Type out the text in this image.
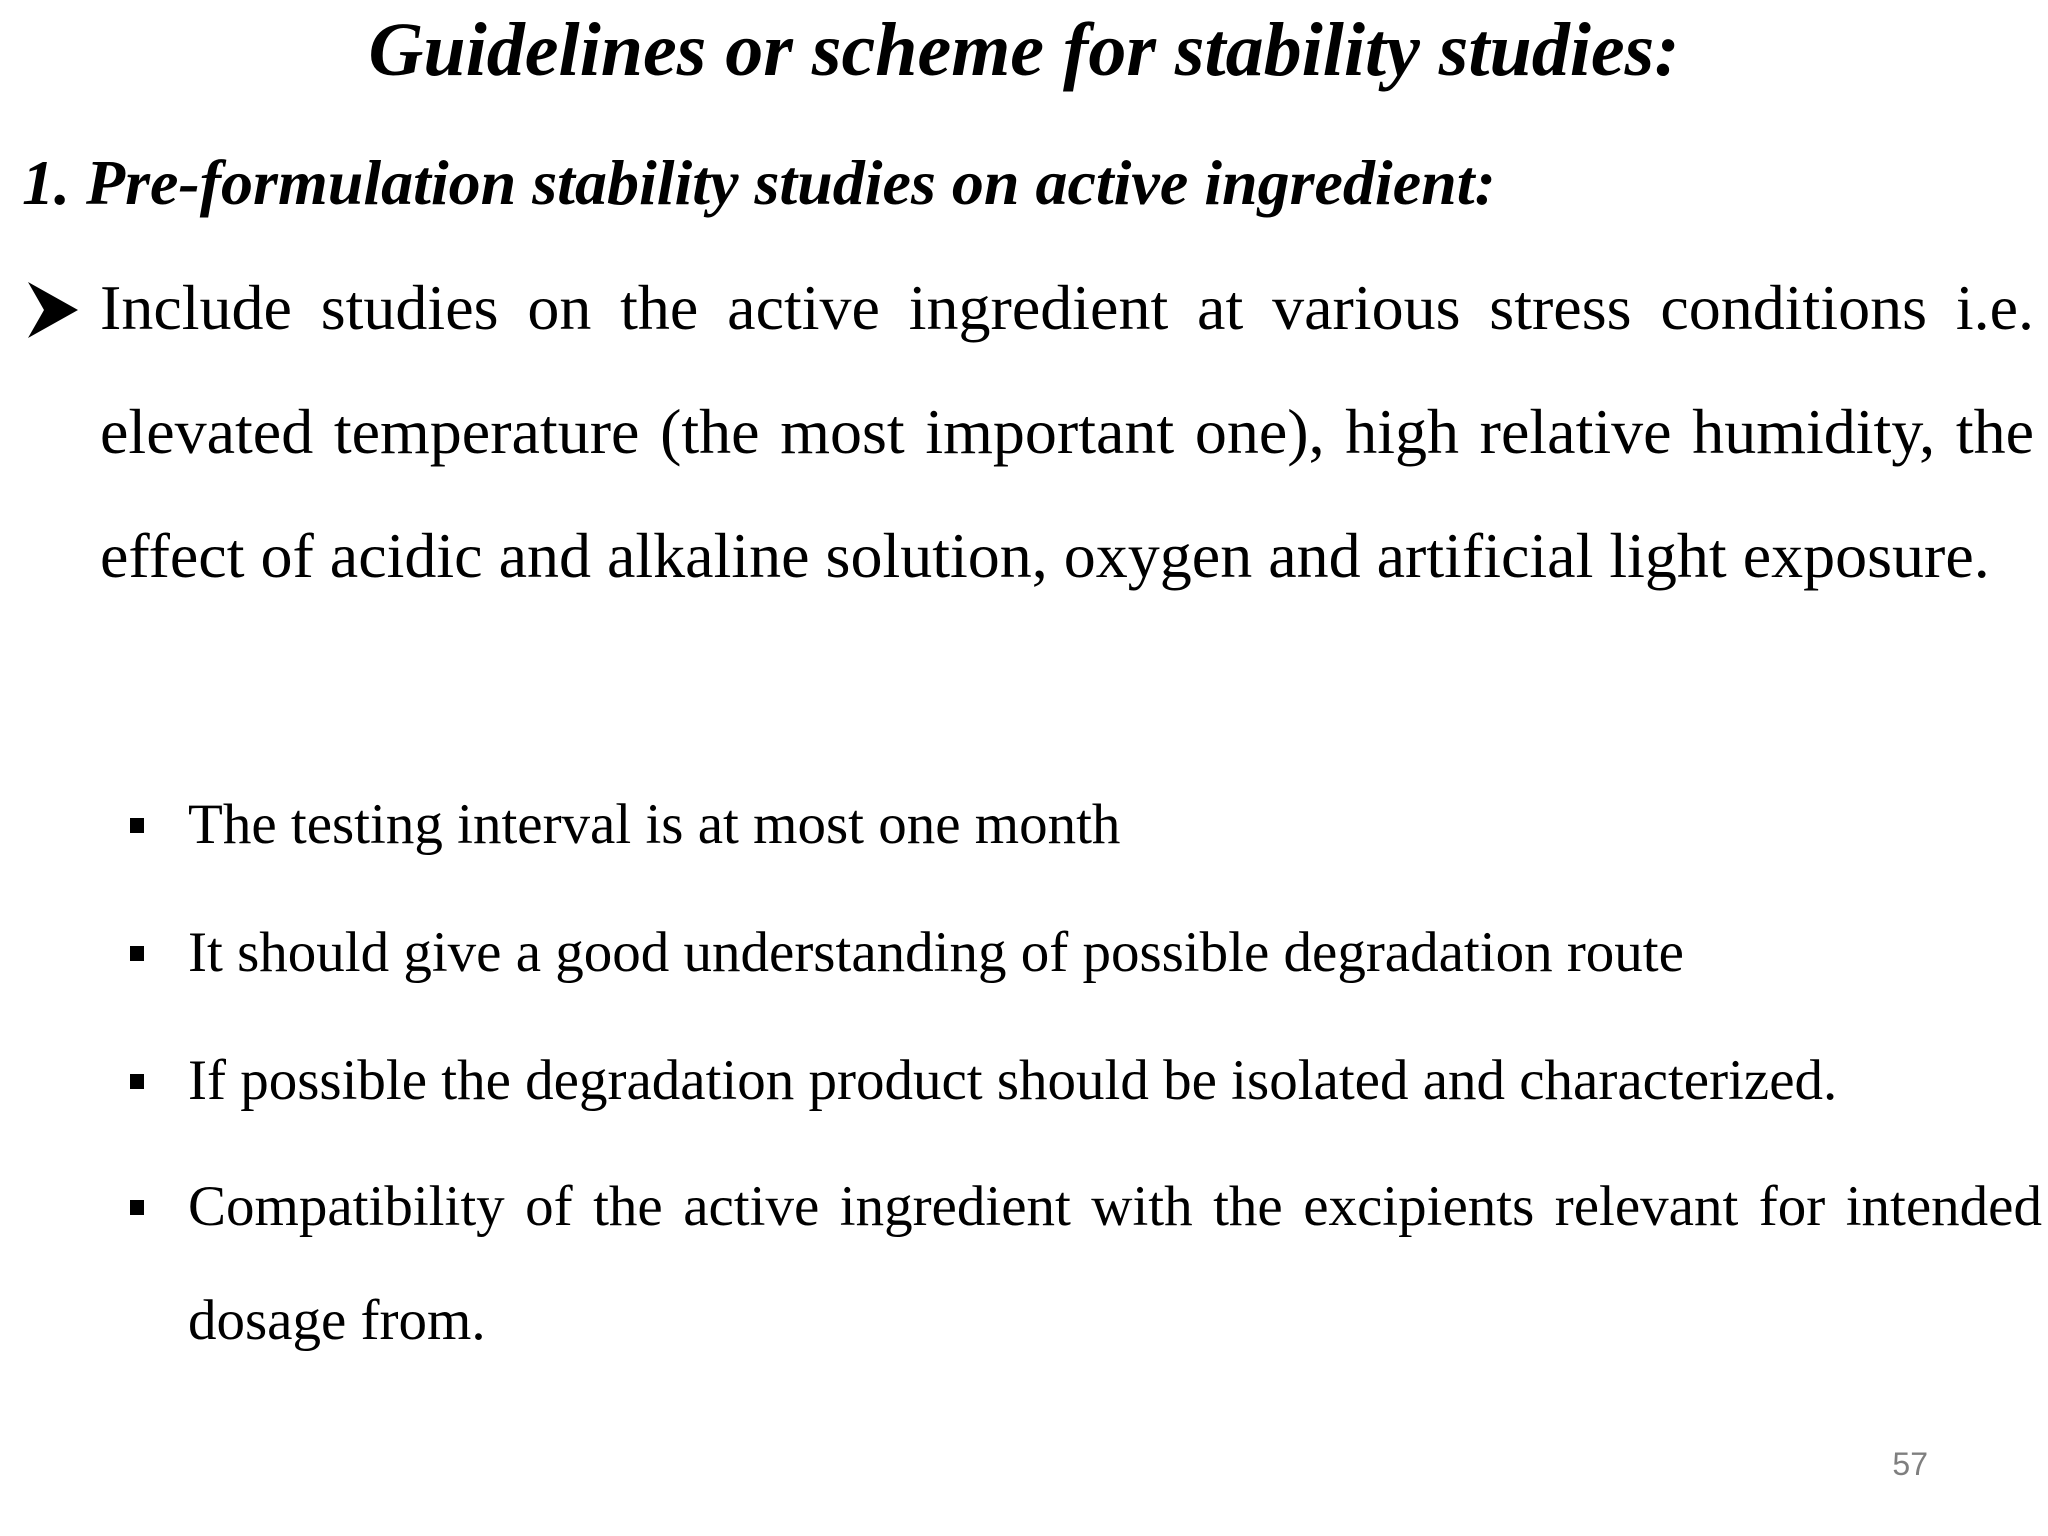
Guidelines or scheme for stability studies:
1. Pre-formulation stability studies on active ingredient:
Include studies on the active ingredient at various stress conditions i.e. elevated temperature (the most important one), high relative humidity, the effect of acidic and alkaline solution, oxygen and artificial light exposure.
The testing interval is at most one month
It should give a good understanding of possible degradation route
If possible the degradation product should be isolated and characterized.
Compatibility of the active ingredient with the excipients relevant for intended dosage from.
57
